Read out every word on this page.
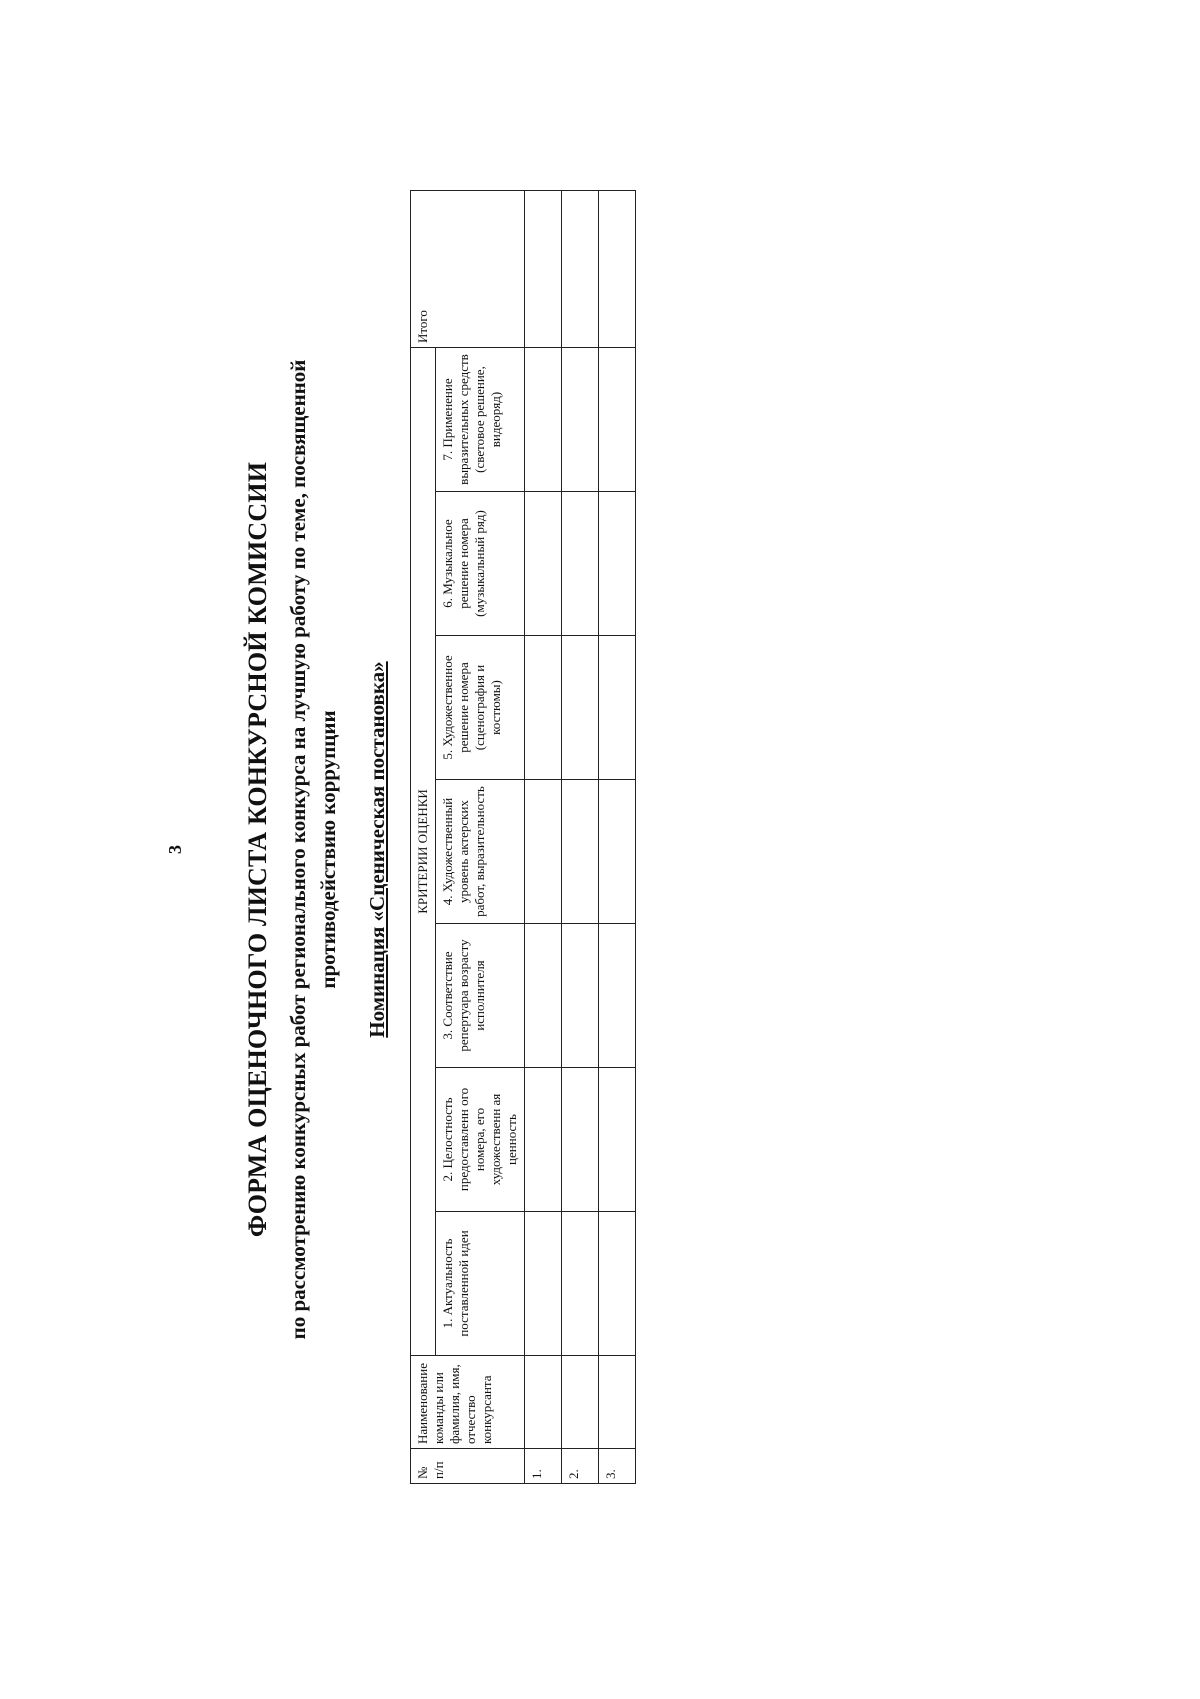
3 ФОРМА ОЦЕНОЧНОГО ЛИСТА КОНКУРСНОЙ КОМИССИИ по рассмотрению конкурсных работ регионального конкурса на лучшую работу по теме, посвященной противодействию коррупции Номинация «Сценическая постановка»
№ п/п	Наименование команды или фамилия, имя, отчество конкурсанта	КРИТЕРИИ ОЦЕНКИ							Итого
		1. Актуальность поставленной идеи	2. Целостность предоставленн ого номера, его художественн ая ценность	3. Соответствие репертуара возрасту исполнителя	4. Художественный уровень актерских работ, выразительность	5. Художественное решение номера (сценография и костюмы)	6. Музыкальное решение номера (музыкальный ряд)	7. Применение выразительных средств (световое решение, видеоряд)	
1.									
2.									
3.									
